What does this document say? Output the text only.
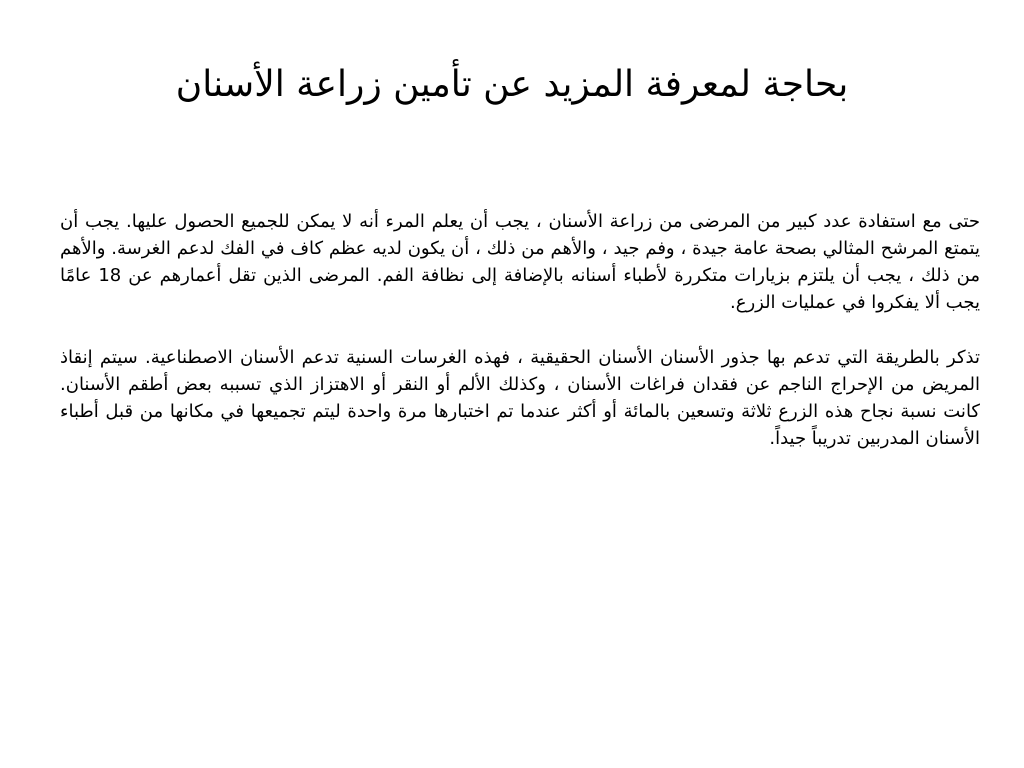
بحاجة لمعرفة المزيد عن تأمين زراعة الأسنان

حتى مع استفادة عدد كبير من المرضى من زراعة الأسنان ، يجب أن يعلم المرء أنه لا يمكن للجميع الحصول عليها. يجب أن يتمتع المرشح المثالي بصحة عامة جيدة ، وفم جيد ، والأهم من ذلك ، أن يكون لديه عظم كاف في الفك لدعم الغرسة. والأهم من ذلك ، يجب أن يلتزم بزيارات متكررة لأطباء أسنانه بالإضافة إلى نظافة الفم. المرضى الذين تقل أعمارهم عن 18 عامًا يجب ألا يفكروا في عمليات الزرع.

تذكر بالطريقة التي تدعم بها جذور الأسنان الأسنان الحقيقية ، فهذه الغرسات السنية تدعم الأسنان الاصطناعية. سيتم إنقاذ المريض من الإحراج الناجم عن فقدان فراغات الأسنان ، وكذلك الألم أو النقر أو الاهتزاز الذي تسببه بعض أطقم الأسنان. كانت نسبة نجاح هذه الزرع ثلاثة وتسعين بالمائة أو أكثر عندما تم اختبارها مرة واحدة ليتم تجميعها في مكانها من قبل أطباء الأسنان المدربين تدريباً جيداً.
